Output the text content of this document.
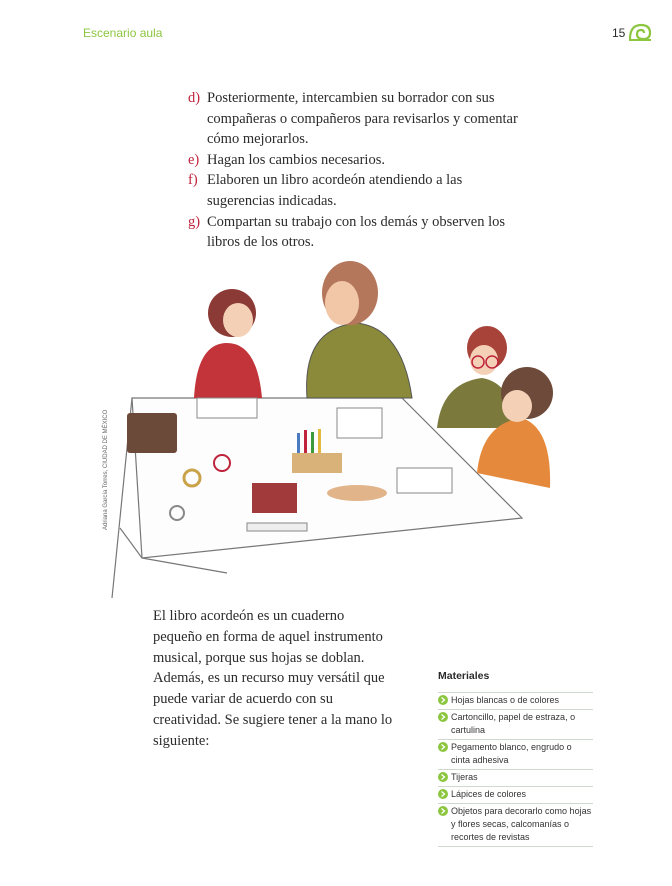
Escenario aula	15
d) Posteriormente, intercambien su borrador con sus compañeras o compañeros para revisarlos y comentar cómo mejorarlos.
e) Hagan los cambios necesarios.
f) Elaboren un libro acordeón atendiendo a las sugerencias indicadas.
g) Compartan su trabajo con los demás y observen los libros de los otros.
Adriana García Torres, CIUDAD DE MÉXICO

El libro acordeón es un cuaderno pequeño en forma de aquel instrumento musical, porque sus hojas se doblan. Además, es un recurso muy versátil que puede variar de acuerdo con su creatividad. Se sugiere tener a la mano lo siguiente:

Materiales
Hojas blancas o de colores
Cartoncillo, papel de estraza, o cartulina
Pegamento blanco, engrudo o cinta adhesiva
Tijeras
Lápices de colores
Objetos para decorarlo como hojas y flores secas, calcomanías o recortes de revistas
